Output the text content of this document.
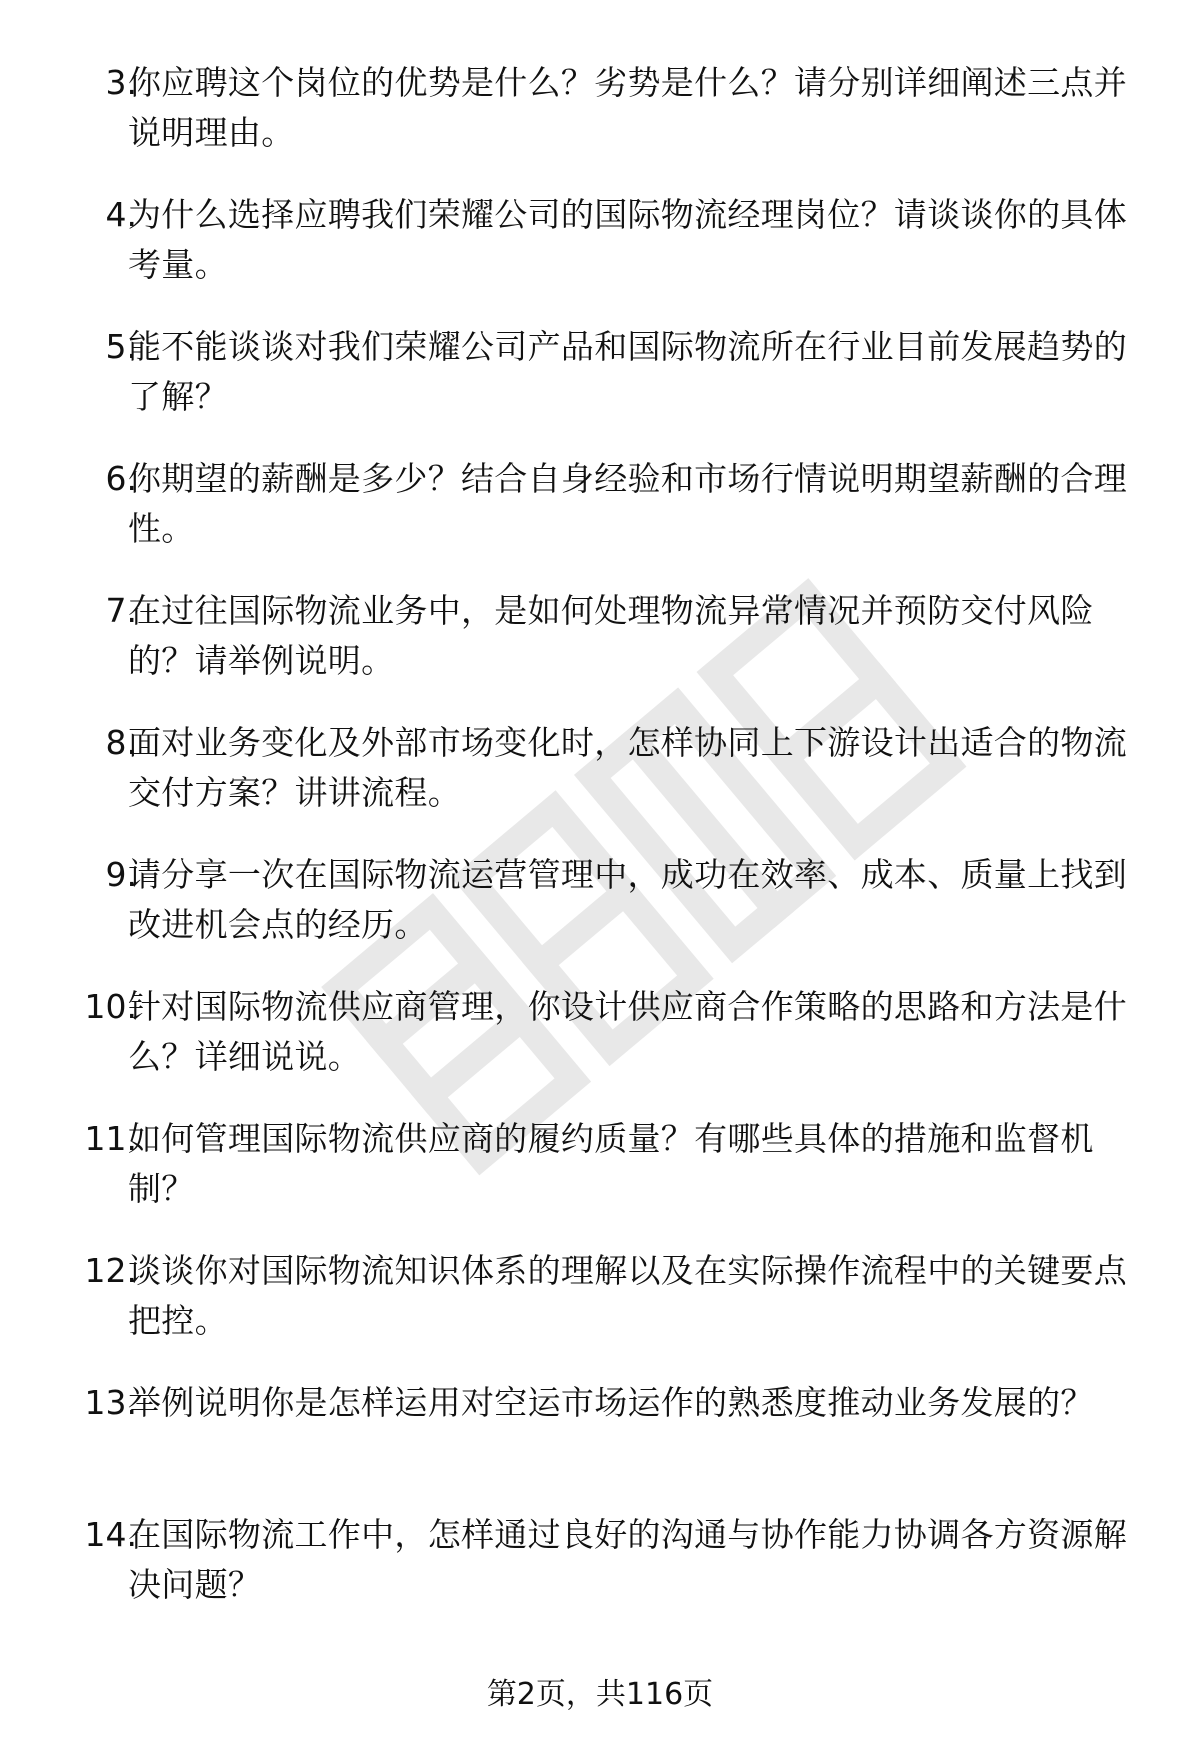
3.
你应聘这个岗位的优势是什么？劣势是什么？请分别详细阐述三点并说明理由。
4.
为什么选择应聘我们荣耀公司的国际物流经理岗位？请谈谈你的具体考量。
5.
能不能谈谈对我们荣耀公司产品和国际物流所在行业目前发展趋势的了解？
6.
你期望的薪酬是多少？结合自身经验和市场行情说明期望薪酬的合理性。
7.
在过往国际物流业务中，是如何处理物流异常情况并预防交付风险的？请举例说明。
8.
面对业务变化及外部市场变化时，怎样协同上下游设计出适合的物流交付方案？讲讲流程。
9.
请分享一次在国际物流运营管理中，成功在效率、成本、质量上找到改进机会点的经历。
10.
针对国际物流供应商管理，你设计供应商合作策略的思路和方法是什么？详细说说。
11.
如何管理国际物流供应商的履约质量？有哪些具体的措施和监督机制？
12.
谈谈你对国际物流知识体系的理解以及在实际操作流程中的关键要点把控。
13.
举例说明你是怎样运用对空运市场运作的熟悉度推动业务发展的？
14.
在国际物流工作中，怎样通过良好的沟通与协作能力协调各方资源解决问题？
第2页，共116页
